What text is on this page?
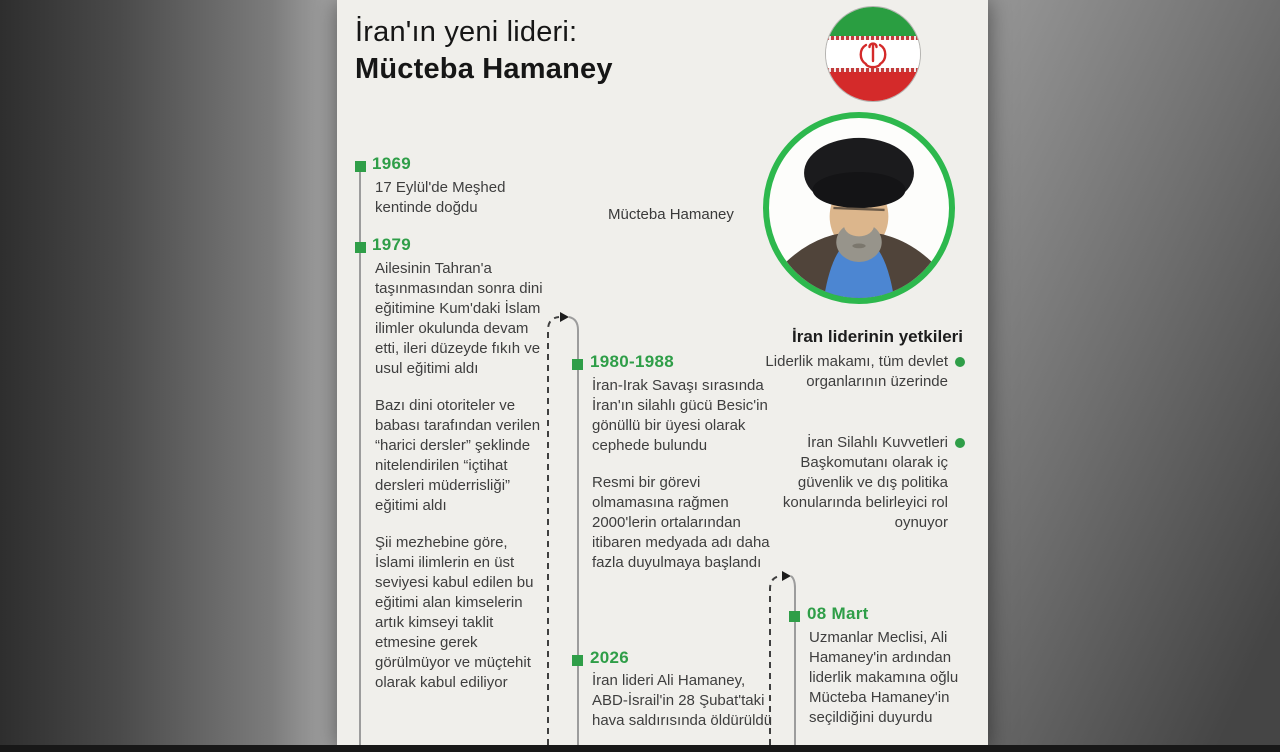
İran'ın yeni lideri:
Mücteba Hamaney
Mücteba Hamaney
1969

17 Eylül'de Meşhed kentinde doğdu

1979

Ailesinin Tahran'a taşınmasından sonra dini eğitimine Kum'daki İslam ilimler okulunda devam etti, ileri düzeyde fıkıh ve usul eğitimi aldı

Bazı dini otoriteler ve babası tarafından verilen “harici dersler” şeklinde nitelendirilen “içtihat dersleri müderrisliği” eğitimi aldı

Şii mezhebine göre, İslami ilimlerin en üst seviyesi kabul edilen bu eğitimi alan kimselerin artık kimseyi taklit etmesine gerek görülmüyor ve müçtehit olarak kabul ediliyor

1980-1988

İran-Irak Savaşı sırasında İran'ın silahlı gücü Besic'in gönüllü bir üyesi olarak cephede bulundu

Resmi bir görevi olmamasına rağmen 2000'lerin ortalarından itibaren medyada adı daha fazla duyulmaya başlandı

2026

İran lideri Ali Hamaney, ABD-İsrail'in 28 Şubat'taki hava saldırısında öldürüldü

08 Mart

Uzmanlar Meclisi, Ali Hamaney'in ardından liderlik makamına oğlu Mücteba Hamaney'in seçildiğini duyurdu

İran liderinin yetkileri
Liderlik makamı, tüm devlet organlarının üzerinde
İran Silahlı Kuvvetleri Başkomutanı olarak iç güvenlik ve dış politika konularında belirleyici rol oynuyor
